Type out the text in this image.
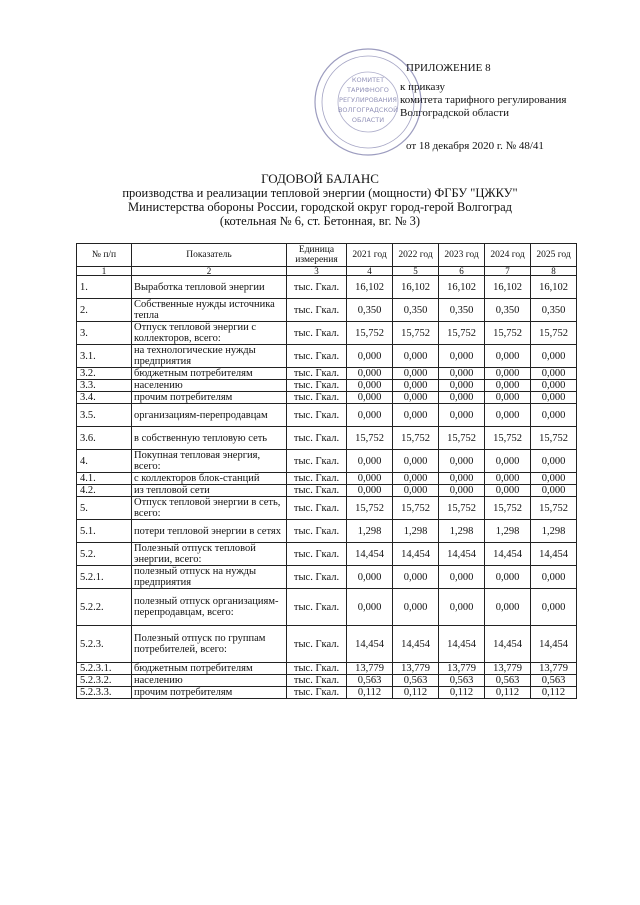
ПРИЛОЖЕНИЕ 8
к приказу
комитета тарифного регулирования
Волгоградской области
от 18 декабря 2020 г. № 48/41
КОМИТЕТ
ТАРИФНОГО
РЕГУЛИРОВАНИЯ
ВОЛГОГРАДСКОЙ
ОБЛАСТИ
ГОДОВОЙ БАЛАНС
производства и реализации тепловой энергии (мощности) ФГБУ "ЦЖКУ"
Министерства обороны России, городской округ город-герой Волгоград
(котельная № 6, ст. Бетонная, вг. № 3)
№ п/п	Показатель	Единица измерения	2021 год	2022 год	2023 год	2024 год	2025 год
1	2	3	4	5	6	7	8
1.	Выработка тепловой энергии	тыс. Гкал.	16,102	16,102	16,102	16,102	16,102
2.	Собственные нужды источника тепла	тыс. Гкал.	0,350	0,350	0,350	0,350	0,350
3.	Отпуск тепловой энергии с коллекторов, всего:	тыс. Гкал.	15,752	15,752	15,752	15,752	15,752
3.1.	на технологические нужды предприятия	тыс. Гкал.	0,000	0,000	0,000	0,000	0,000
3.2.	бюджетным потребителям	тыс. Гкал.	0,000	0,000	0,000	0,000	0,000
3.3.	населению	тыс. Гкал.	0,000	0,000	0,000	0,000	0,000
3.4.	прочим потребителям	тыс. Гкал.	0,000	0,000	0,000	0,000	0,000
3.5.	организациям-перепродавцам	тыс. Гкал.	0,000	0,000	0,000	0,000	0,000
3.6.	в собственную тепловую сеть	тыс. Гкал.	15,752	15,752	15,752	15,752	15,752
4.	Покупная тепловая энергия, всего:	тыс. Гкал.	0,000	0,000	0,000	0,000	0,000
4.1.	с коллекторов блок-станций	тыс. Гкал.	0,000	0,000	0,000	0,000	0,000
4.2.	из тепловой сети	тыс. Гкал.	0,000	0,000	0,000	0,000	0,000
5.	Отпуск тепловой энергии в сеть, всего:	тыс. Гкал.	15,752	15,752	15,752	15,752	15,752
5.1.	потери тепловой энергии в сетях	тыс. Гкал.	1,298	1,298	1,298	1,298	1,298
5.2.	Полезный отпуск тепловой энергии, всего:	тыс. Гкал.	14,454	14,454	14,454	14,454	14,454
5.2.1.	полезный отпуск на нужды предприятия	тыс. Гкал.	0,000	0,000	0,000	0,000	0,000
5.2.2.	полезный отпуск организациям-перепродавцам, всего:	тыс. Гкал.	0,000	0,000	0,000	0,000	0,000
5.2.3.	Полезный отпуск по группам потребителей, всего:	тыс. Гкал.	14,454	14,454	14,454	14,454	14,454
5.2.3.1.	бюджетным потребителям	тыс. Гкал.	13,779	13,779	13,779	13,779	13,779
5.2.3.2.	населению	тыс. Гкал.	0,563	0,563	0,563	0,563	0,563
5.2.3.3.	прочим потребителям	тыс. Гкал.	0,112	0,112	0,112	0,112	0,112
